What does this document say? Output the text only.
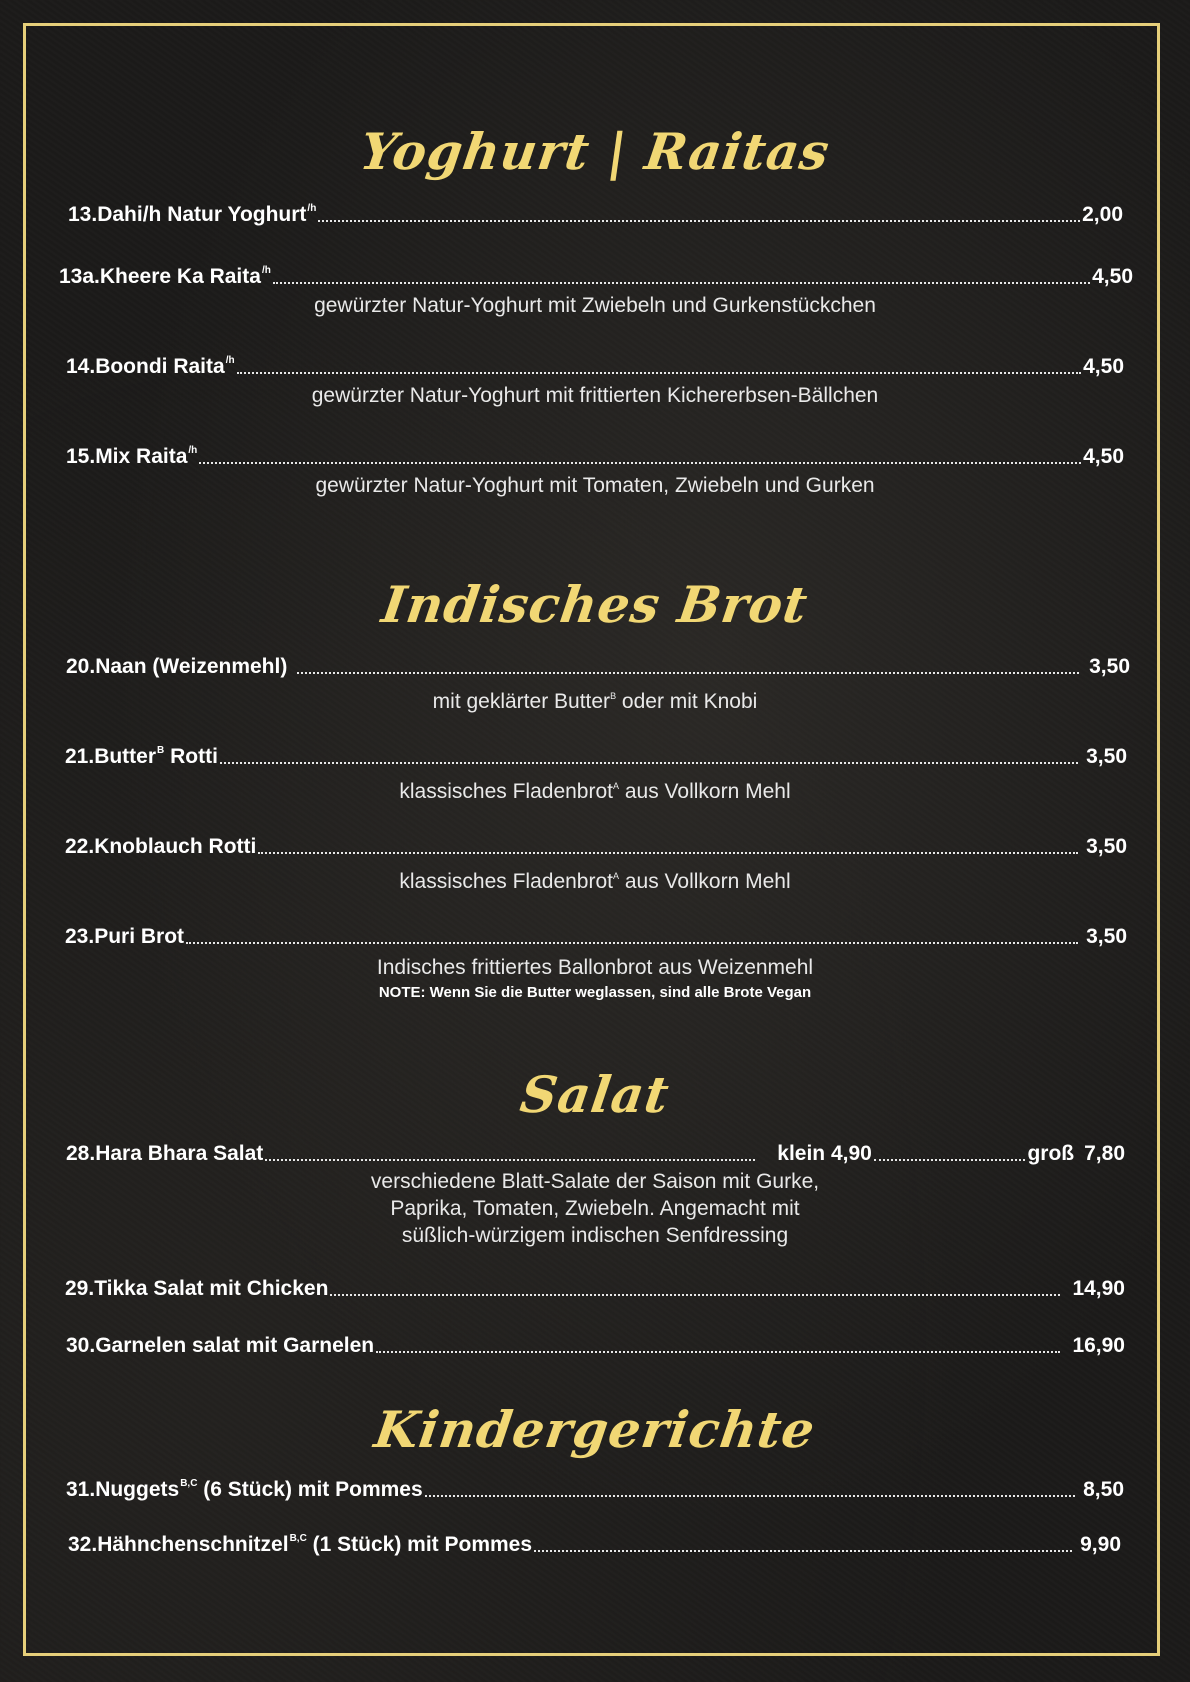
Yoghurt | Raitas
13.Dahi/h Natur Yoghurt$^{/h}$	2,00
13a.Kheere Ka Raita$^{/h}$	4,50
gewürzter Natur-Yoghurt mit Zwiebeln und Gurkenstückchen
14.Boondi Raita$^{/h}$	4,50
gewürzter Natur-Yoghurt mit frittierten Kichererbsen-Bällchen
15.Mix Raita$^{/h}$	4,50
gewürzter Natur-Yoghurt mit Tomaten, Zwiebeln und Gurken
Indisches Brot
20.Naan (Weizenmehl)	3,50
mit geklärter Butter$^B$ oder mit Knobi
21.Butter$^B$ Rotti	3,50
klassisches Fladenbrot$^A$ aus Vollkorn Mehl
22.Knoblauch Rotti	3,50
klassisches Fladenbrot$^A$ aus Vollkorn Mehl
23.Puri Brot	3,50
Indisches frittiertes Ballonbrot aus Weizenmehl
NOTE: Wenn Sie die Butter weglassen, sind alle Brote Vegan
Salat
28.Hara Bhara Salat	klein 4,90	groß 7,80
verschiedene Blatt-Salate der Saison mit Gurke,
Paprika, Tomaten, Zwiebeln. Angemacht mit
süßlich-würzigem indischen Senfdressing
29.Tikka Salat mit Chicken	14,90
30.Garnelen salat mit Garnelen	16,90
Kindergerichte
31.Nuggets$^{B,C}$ (6 Stück) mit Pommes	8,50
32.Hähnchenschnitzel$^{B,C}$ (1 Stück) mit Pommes	9,90
